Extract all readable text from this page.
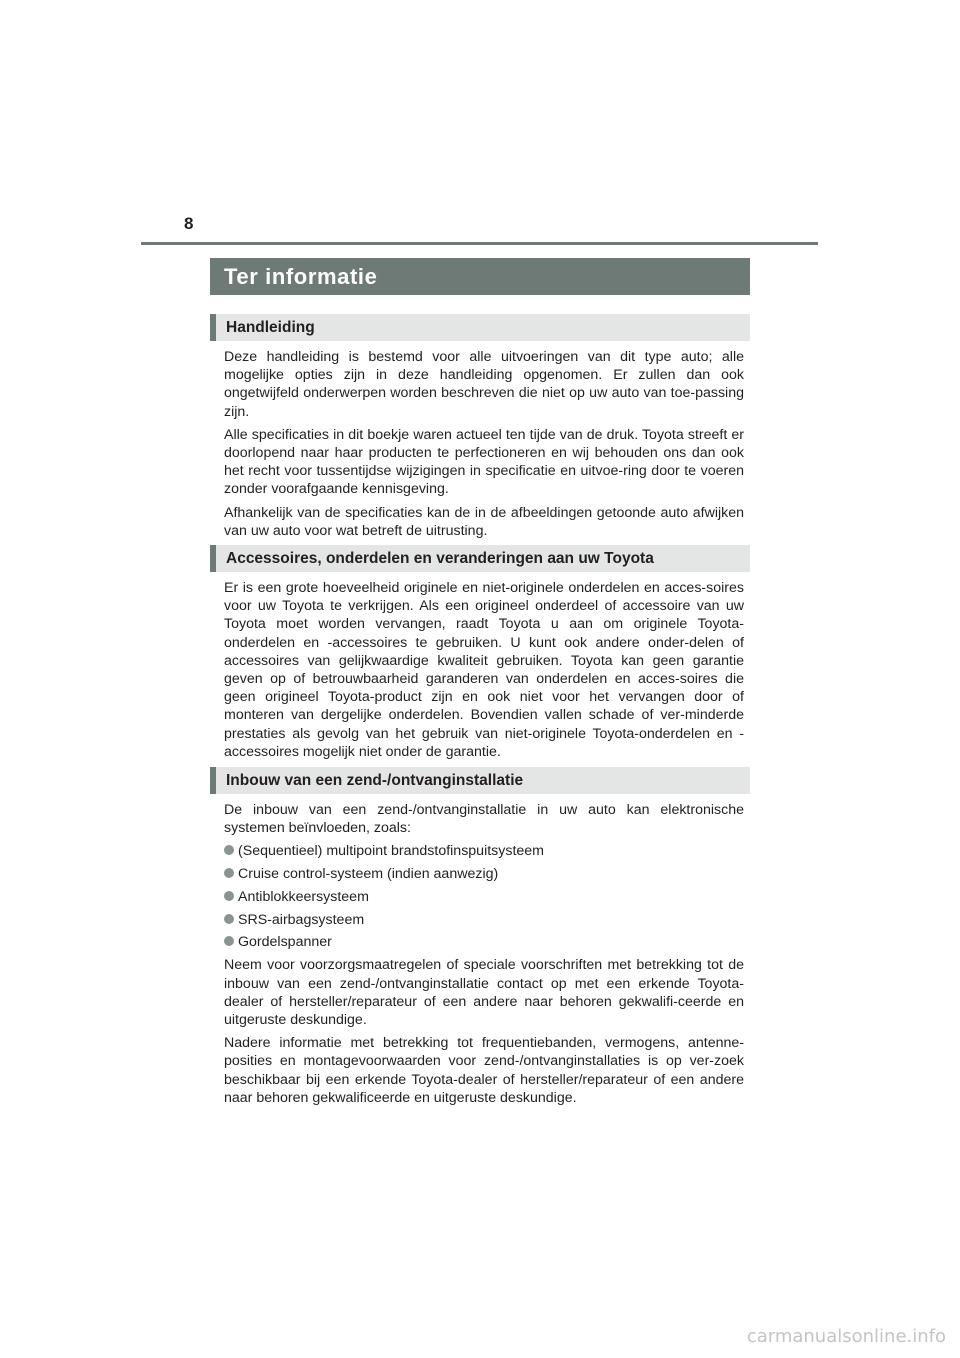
8
Ter informatie
Handleiding

Deze handleiding is bestemd voor alle uitvoeringen van dit type auto; alle mogelijke opties zijn in deze handleiding opgenomen. Er zullen dan ook ongetwijfeld onderwerpen worden beschreven die niet op uw auto van toe-passing zijn.

Alle specificaties in dit boekje waren actueel ten tijde van de druk. Toyota streeft er doorlopend naar haar producten te perfectioneren en wij behouden ons dan ook het recht voor tussentijdse wijzigingen in specificatie en uitvoe-ring door te voeren zonder voorafgaande kennisgeving.

Afhankelijk van de specificaties kan de in de afbeeldingen getoonde auto afwijken van uw auto voor wat betreft de uitrusting.

Accessoires, onderdelen en veranderingen aan uw Toyota

Er is een grote hoeveelheid originele en niet-originele onderdelen en acces-soires voor uw Toyota te verkrijgen. Als een origineel onderdeel of accessoire van uw Toyota moet worden vervangen, raadt Toyota u aan om originele Toyota-onderdelen en -accessoires te gebruiken. U kunt ook andere onder-delen of accessoires van gelijkwaardige kwaliteit gebruiken. Toyota kan geen garantie geven op of betrouwbaarheid garanderen van onderdelen en acces-soires die geen origineel Toyota-product zijn en ook niet voor het vervangen door of monteren van dergelijke onderdelen. Bovendien vallen schade of ver-minderde prestaties als gevolg van het gebruik van niet-originele Toyota-onderdelen en -accessoires mogelijk niet onder de garantie.

Inbouw van een zend-/ontvanginstallatie

De inbouw van een zend-/ontvanginstallatie in uw auto kan elektronische systemen beïnvloeden, zoals:

(Sequentieel) multipoint brandstofinspuitsysteem
Cruise control-systeem (indien aanwezig)
Antiblokkeersysteem
SRS-airbagsysteem
Gordelspanner

Neem voor voorzorgsmaatregelen of speciale voorschriften met betrekking tot de inbouw van een zend-/ontvanginstallatie contact op met een erkende Toyota-dealer of hersteller/reparateur of een andere naar behoren gekwalifi-ceerde en uitgeruste deskundige.

Nadere informatie met betrekking tot frequentiebanden, vermogens, antenne-posities en montagevoorwaarden voor zend-/ontvanginstallaties is op ver-zoek beschikbaar bij een erkende Toyota-dealer of hersteller/reparateur of een andere naar behoren gekwalificeerde en uitgeruste deskundige.

carmanualsonline.info
